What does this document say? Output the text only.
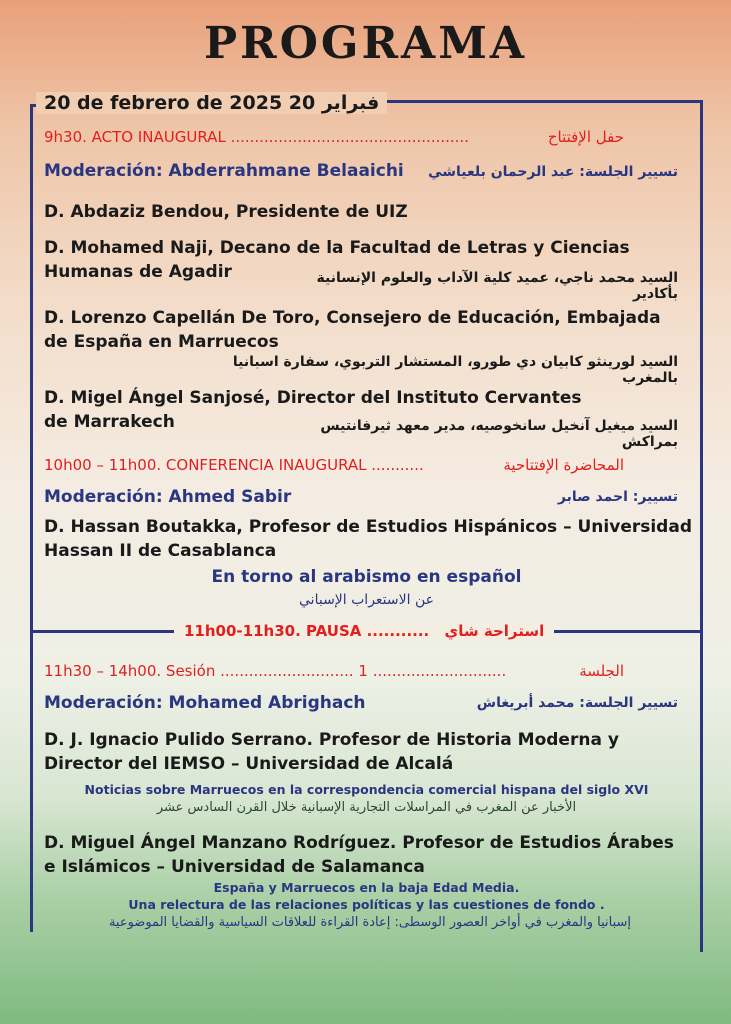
PROGRAMA
20 de febrero de 2025 20 فبراير
9h30. ACTO INAUGURAL ..................................................	حفل الإفتتاح
Moderación: Abderrahmane Belaaichi	تسيير الجلسة: عبد الرحمان بلعياشي
D. Abdaziz Bendou, Presidente de UIZ
D. Mohamed Naji, Decano de la Facultad de Letras y Ciencias Humanas de Agadir	السيد محمد ناجي، عميد كلية الآداب والعلوم الإنسانية بأكادير
D. Lorenzo Capellán De Toro, Consejero de Educación, Embajada de España en Marruecos
السيد لورينثو كابيان دي طورو، المستشار التربوي، سفارة اسبانيا بالمغرب
D. Migel Ángel Sanjosé, Director del Instituto Cervantes de Marrakech	السيد ميغيل آنخيل سانخوصيه، مدير معهد ثيرفانتيس بمراكش
10h00 – 11h00. CONFERENCIA INAUGURAL ...........	المحاضرة الإفتتاحية
Moderación: Ahmed Sabir	تسيير: احمد صابر
D. Hassan Boutakka, Profesor de Estudios Hispánicos – Universidad Hassan II de Casablanca
En torno al arabismo en español
عن الاستعراب الإسباني
11h00-11h30. PAUSA ........... استراحة شاي
11h30 – 14h00. Sesión ............................ 1 ............................	الجلسة
Moderación: Mohamed Abrighach	تسيير الجلسة: محمد أبريغاش
D. J. Ignacio Pulido Serrano. Profesor de Historia Moderna y Director del IEMSO – Universidad de Alcalá
Noticias sobre Marruecos en la correspondencia comercial hispana del siglo XVI
الأخبار عن المغرب في المراسلات التجارية الإسبانية خلال القرن السادس عشر
D. Miguel Ángel Manzano Rodríguez. Profesor de Estudios Árabes e Islámicos – Universidad de Salamanca
España y Marruecos en la baja Edad Media.
Una relectura de las relaciones políticas y las cuestiones de fondo .
إسبانيا والمغرب في أواخر العصور الوسطى: إعادة القراءة للعلاقات السياسية والقضايا الموضوعية
